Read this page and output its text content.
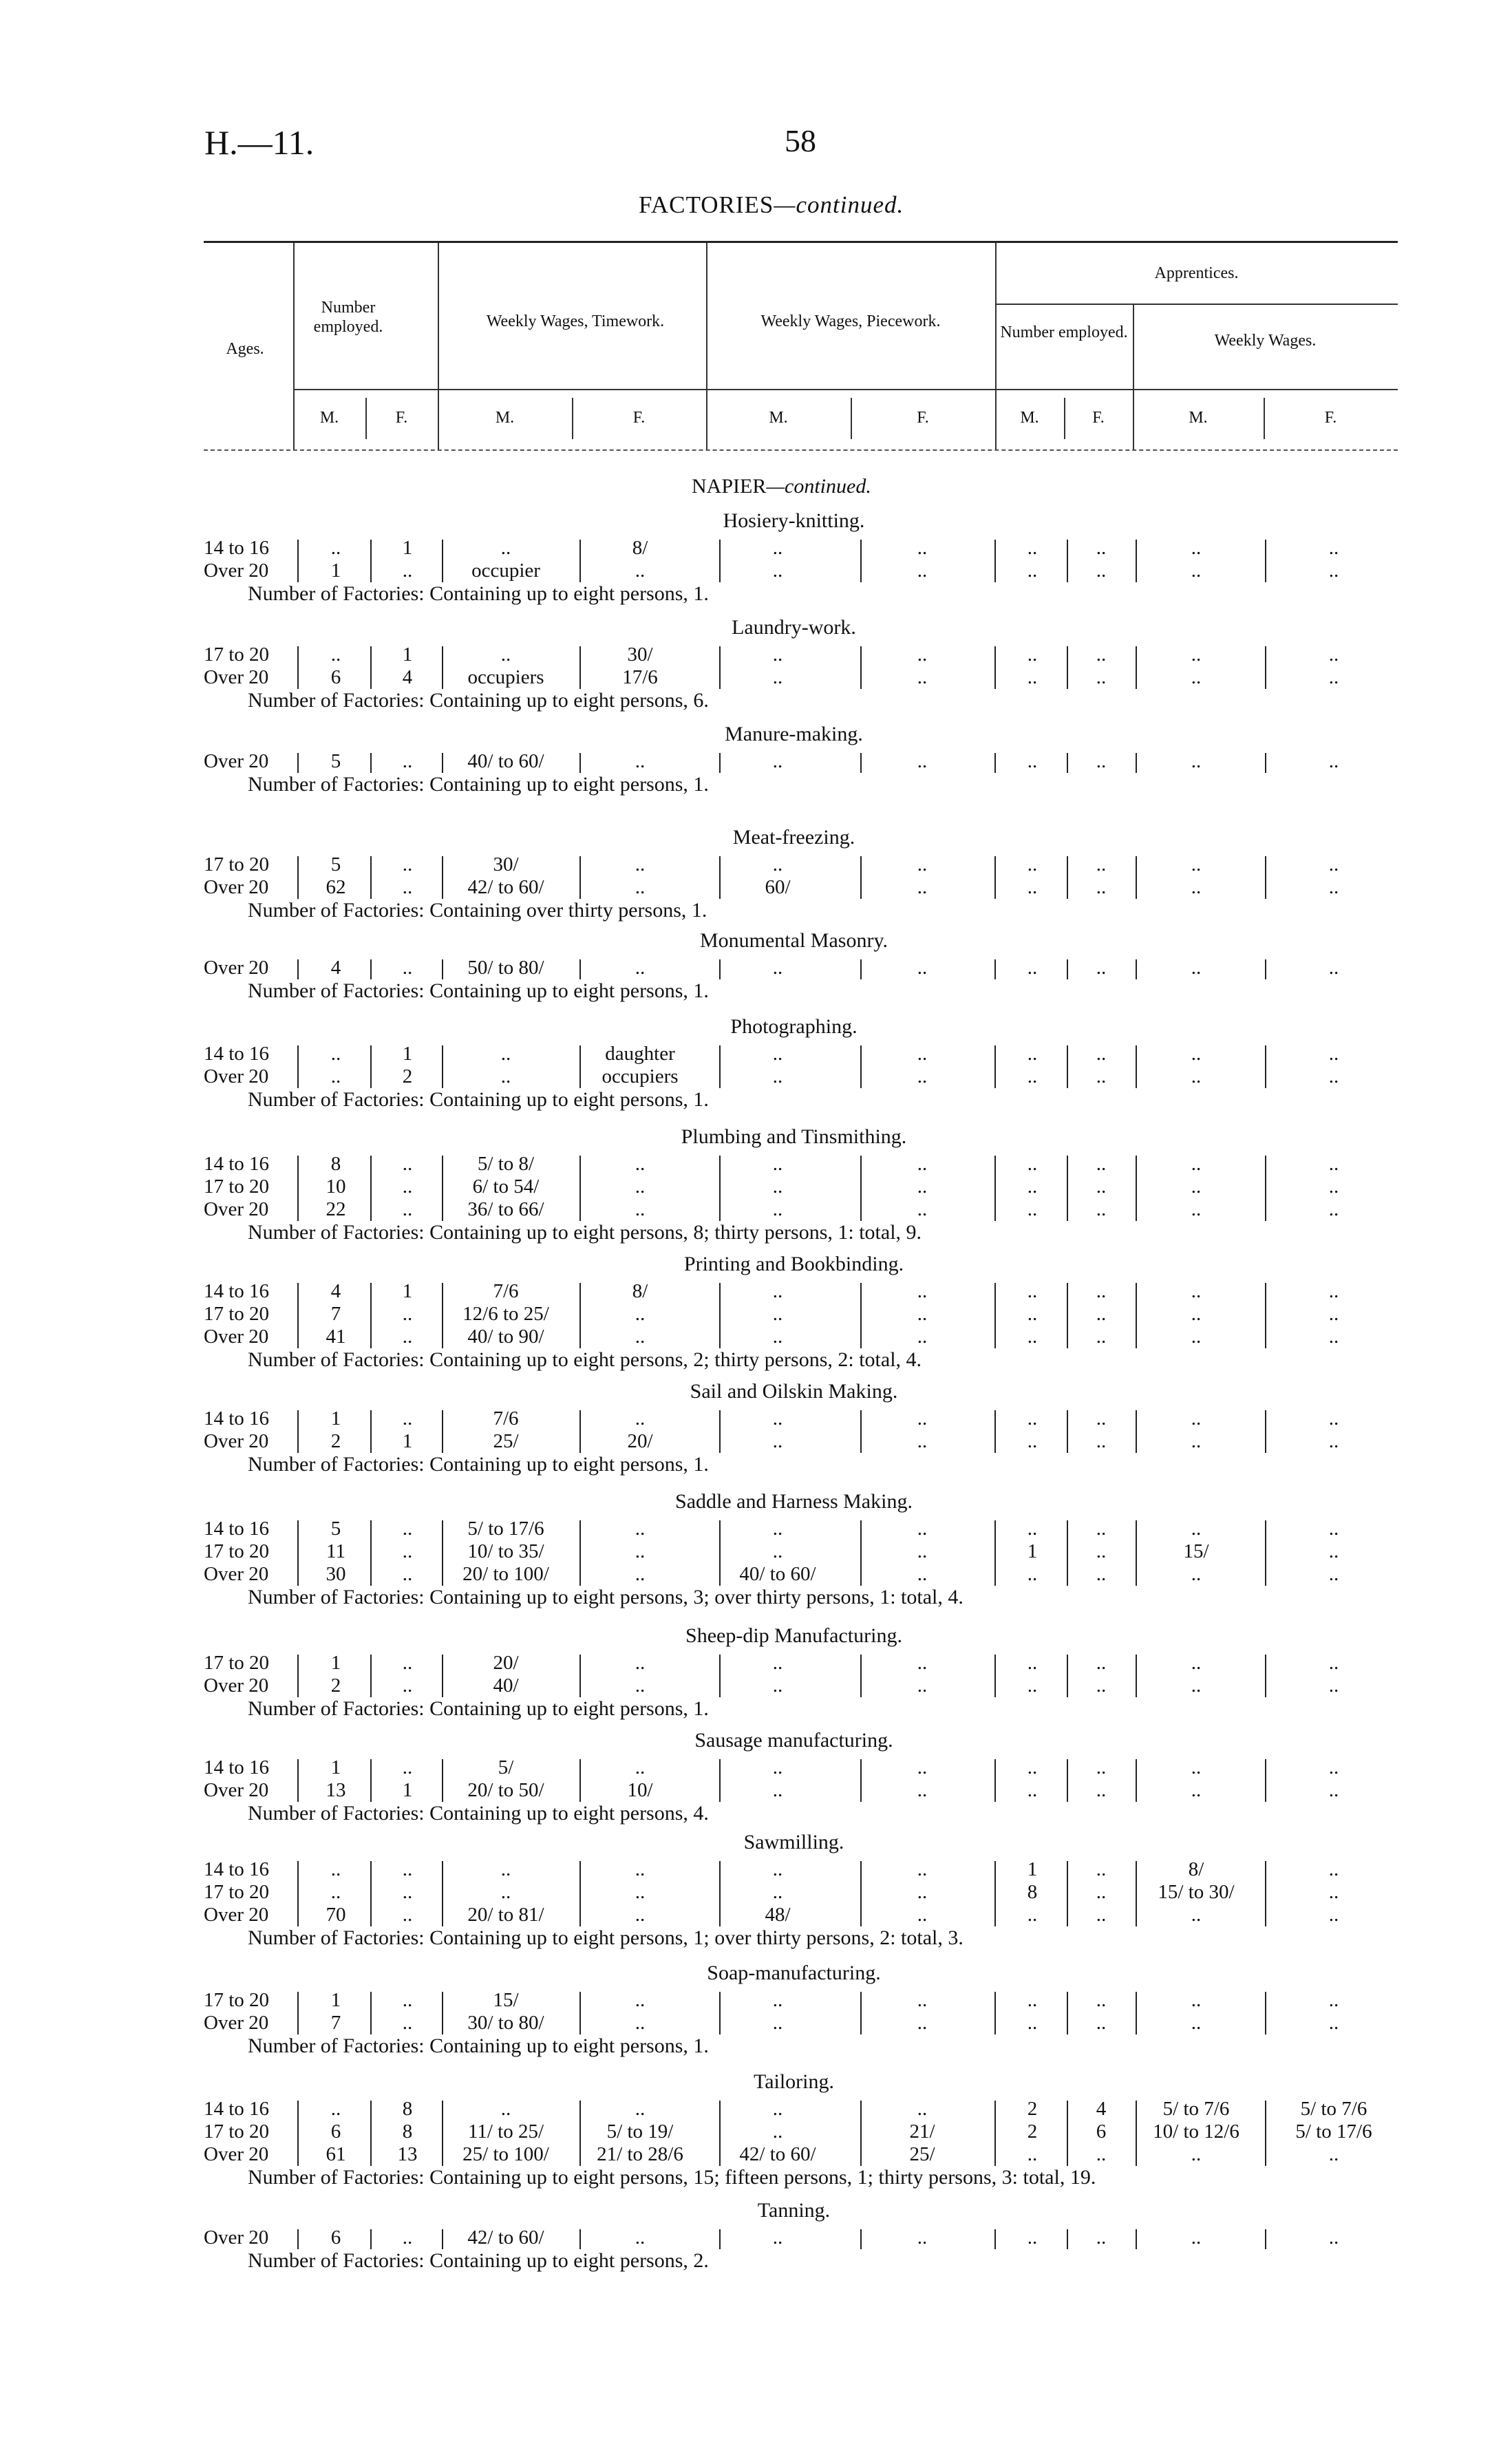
H.—11.	58
FACTORIES—continued.
Ages.
Number employed.	Weekly Wages, Timework.	Weekly Wages, Piecework.
Apprentices.
Number employed.	Weekly Wages.
M.	F.	M.	F.	M.	F.	M.	F.	M.	F.
NAPIER—continued.
Hosiery-knitting.
14 to 16	..	1	..	8/	..	..	..	..	..	..
Over 20	1	..	occupier	..	..	..	..	..	..	..
Number of Factories: Containing up to eight persons, 1.
Laundry-work.
17 to 20	..	1	..	30/	..	..	..	..	..	..
Over 20	6	4	occupiers	17/6	..	..	..	..	..	..
Number of Factories: Containing up to eight persons, 6.
Manure-making.
Over 20	5	..	40/ to 60/	..	..	..	..	..	..	..
Number of Factories: Containing up to eight persons, 1.
Meat-freezing.
17 to 20	5	..	30/	..	..	..	..	..	..	..
Over 20	62	..	42/ to 60/	..	60/	..	..	..	..	..
Number of Factories: Containing over thirty persons, 1.
Monumental Masonry.
Over 20	4	..	50/ to 80/	..	..	..	..	..	..	..
Number of Factories: Containing up to eight persons, 1.
Photographing.
14 to 16	..	1	..	daughter	..	..	..	..	..	..
Over 20	..	2	..	occupiers	..	..	..	..	..	..
Number of Factories: Containing up to eight persons, 1.
Plumbing and Tinsmithing.
14 to 16	8	..	5/ to 8/	..	..	..	..	..	..	..
17 to 20	10	..	6/ to 54/	..	..	..	..	..	..	..
Over 20	22	..	36/ to 66/	..	..	..	..	..	..	..
Number of Factories: Containing up to eight persons, 8; thirty persons, 1: total, 9.
Printing and Bookbinding.
14 to 16	4	1	7/6	8/	..	..	..	..	..	..
17 to 20	7	..	12/6 to 25/	..	..	..	..	..	..	..
Over 20	41	..	40/ to 90/	..	..	..	..	..	..	..
Number of Factories: Containing up to eight persons, 2; thirty persons, 2: total, 4.
Sail and Oilskin Making.
14 to 16	1	..	7/6	..	..	..	..	..	..	..
Over 20	2	1	25/	20/	..	..	..	..	..	..
Number of Factories: Containing up to eight persons, 1.
Saddle and Harness Making.
14 to 16	5	..	5/ to 17/6	..	..	..	..	..	..	..
17 to 20	11	..	10/ to 35/	..	..	..	1	..	15/	..
Over 20	30	..	20/ to 100/	..	40/ to 60/	..	..	..	..	..
Number of Factories: Containing up to eight persons, 3; over thirty persons, 1: total, 4.
Sheep-dip Manufacturing.
17 to 20	1	..	20/	..	..	..	..	..	..	..
Over 20	2	..	40/	..	..	..	..	..	..	..
Number of Factories: Containing up to eight persons, 1.
Sausage manufacturing.
14 to 16	1	..	5/	..	..	..	..	..	..	..
Over 20	13	1	20/ to 50/	10/	..	..	..	..	..	..
Number of Factories: Containing up to eight persons, 4.
Sawmilling.
14 to 16	..	..	..	..	..	..	1	..	8/	..
17 to 20	..	..	..	..	..	..	8	..	15/ to 30/	..
Over 20	70	..	20/ to 81/	..	48/	..	..	..	..	..
Number of Factories: Containing up to eight persons, 1; over thirty persons, 2: total, 3.
Soap-manufacturing.
17 to 20	1	..	15/	..	..	..	..	..	..	..
Over 20	7	..	30/ to 80/	..	..	..	..	..	..	..
Number of Factories: Containing up to eight persons, 1.
Tailoring.
14 to 16	..	8	..	..	..	..	2	4	5/ to 7/6	5/ to 7/6
17 to 20	6	8	11/ to 25/	5/ to 19/	..	21/	2	6	10/ to 12/6	5/ to 17/6
Over 20	61	13	25/ to 100/	21/ to 28/6	42/ to 60/	25/	..	..	..	..
Number of Factories: Containing up to eight persons, 15; fifteen persons, 1; thirty persons, 3: total, 19.
Tanning.
Over 20	6	..	42/ to 60/	..	..	..	..	..	..	..
Number of Factories: Containing up to eight persons, 2.
